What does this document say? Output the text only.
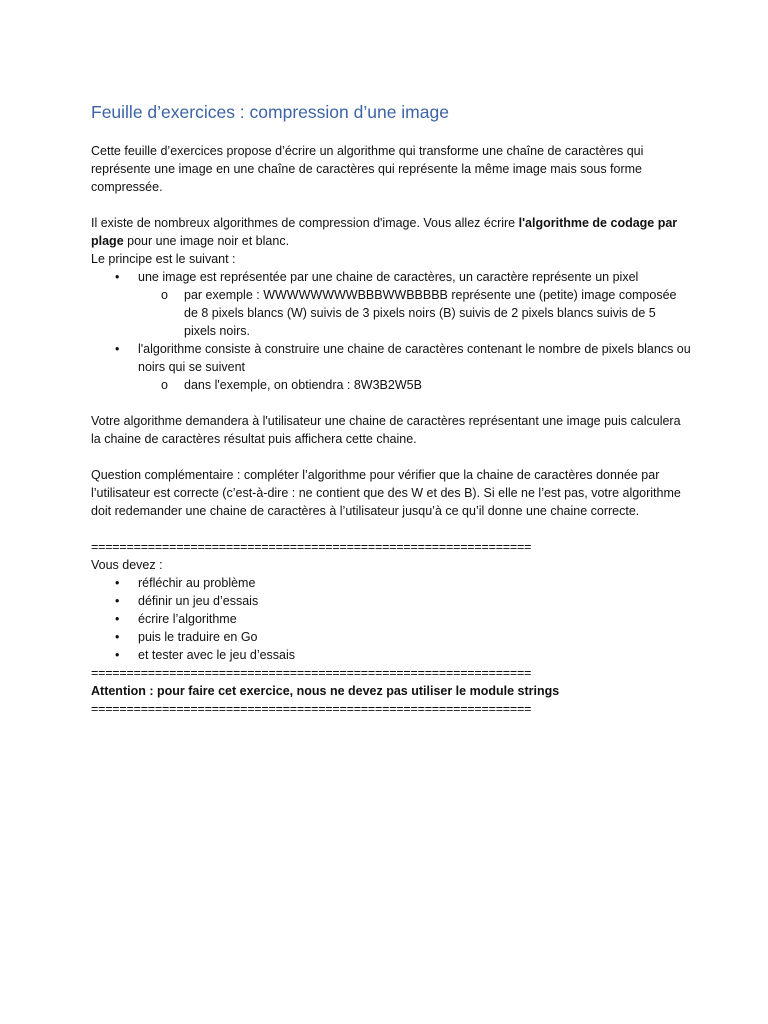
Feuille d’exercices : compression d’une image

Cette feuille d’exercices propose d’écrire un algorithme qui transforme une chaîne de caractères qui représente une image en une chaîne de caractères qui représente la même image mais sous forme compressée.

Il existe de nombreux algorithmes de compression d'image. Vous allez écrire l'algorithme de codage par plage pour une image noir et blanc.

Le principe est le suivant :

• une image est représentée par une chaine de caractères, un caractère représente un pixel
o par exemple : WWWWWWWWBBBWWBBBBB représente une (petite) image composée de 8 pixels blancs (W) suivis de 3 pixels noirs (B) suivis de 2 pixels blancs suivis de 5 pixels noirs.
• l'algorithme consiste à construire une chaine de caractères contenant le nombre de pixels blancs ou noirs qui se suivent
o dans l'exemple, on obtiendra : 8W3B2W5B

Votre algorithme demandera à l'utilisateur une chaine de caractères représentant une image puis calculera la chaine de caractères résultat puis affichera cette chaine.

Question complémentaire : compléter l’algorithme pour vérifier que la chaine de caractères donnée par l’utilisateur est correcte (c’est-à-dire : ne contient que des W et des B). Si elle ne l’est pas, votre algorithme doit redemander une chaine de caractères à l’utilisateur jusqu’à ce qu’il donne une chaine correcte.

==============================================================

Vous devez :

• réfléchir au problème
• définir un jeu d’essais
• écrire l’algorithme
• puis le traduire en Go
• et tester avec le jeu d’essais
==============================================================

Attention : pour faire cet exercice, nous ne devez pas utiliser le module strings

==============================================================
